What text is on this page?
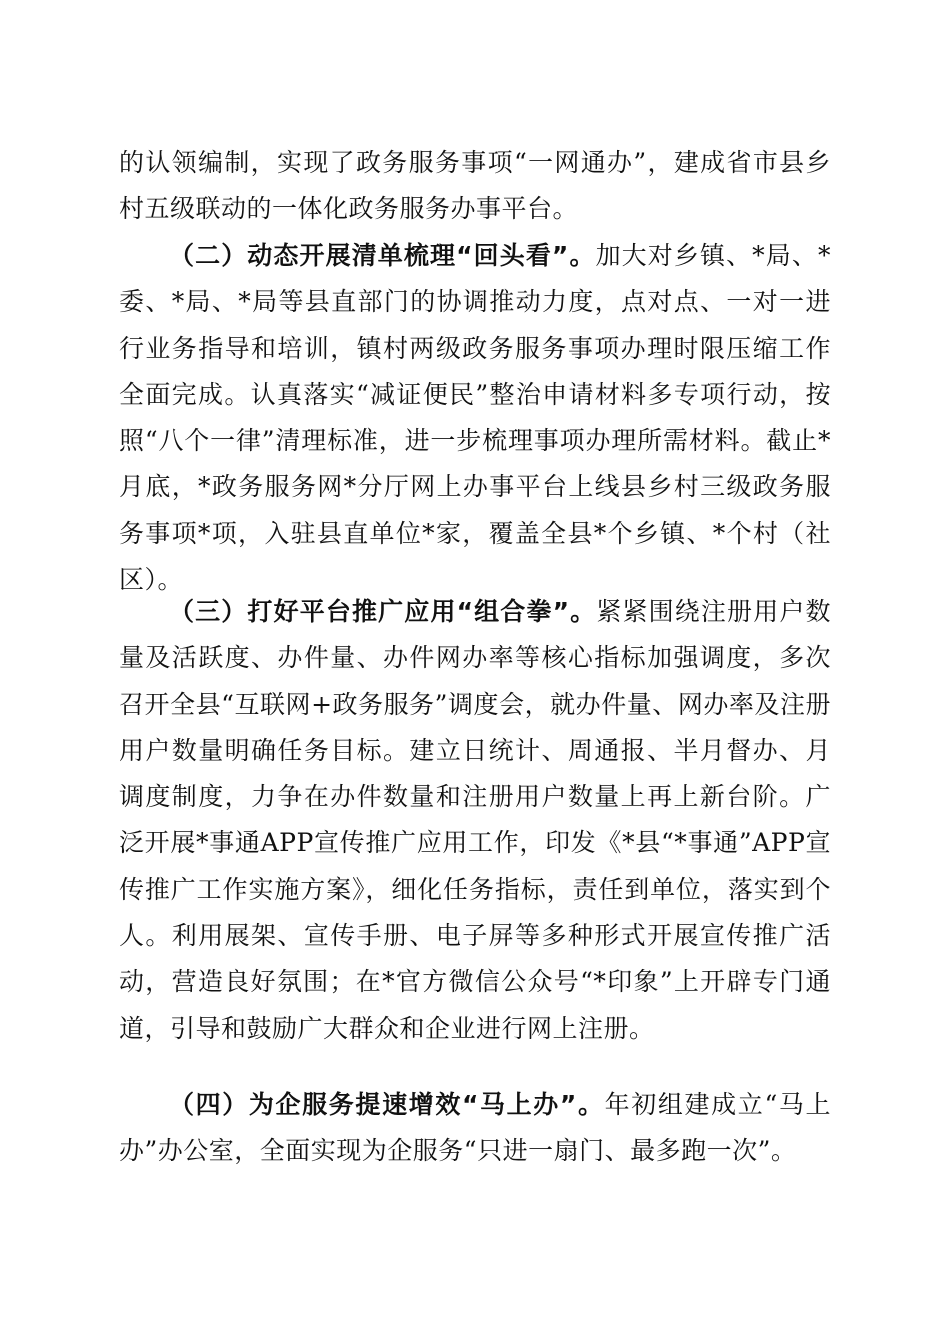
的认领编制，实现了政务服务事项“一网通办”，建成省市县乡村五级联动的一体化政务服务办事平台。

（二）动态开展清单梳理“回头看”。加大对乡镇、*局、*委、*局、*局等县直部门的协调推动力度，点对点、一对一进行业务指导和培训，镇村两级政务服务事项办理时限压缩工作全面完成。认真落实“减证便民”整治申请材料多专项行动，按照“八个一律”清理标准，进一步梳理事项办理所需材料。截止*月底，*政务服务网*分厅网上办事平台上线县乡村三级政务服务事项*项，入驻县直单位*家，覆盖全县*个乡镇、*个村（社区）。

（三）打好平台推广应用“组合拳”。紧紧围绕注册用户数量及活跃度、办件量、办件网办率等核心指标加强调度，多次召开全县“互联网+政务服务”调度会，就办件量、网办率及注册用户数量明确任务目标。建立日统计、周通报、半月督办、月调度制度，力争在办件数量和注册用户数量上再上新台阶。广泛开展*事通APP宣传推广应用工作，印发《*县“*事通”APP宣传推广工作实施方案》，细化任务指标，责任到单位，落实到个人。利用展架、宣传手册、电子屏等多种形式开展宣传推广活动，营造良好氛围；在*官方微信公众号“*印象”上开辟专门通道，引导和鼓励广大群众和企业进行网上注册。

（四）为企服务提速增效“马上办”。年初组建成立“马上办”办公室，全面实现为企服务“只进一扇门、最多跑一次”。
